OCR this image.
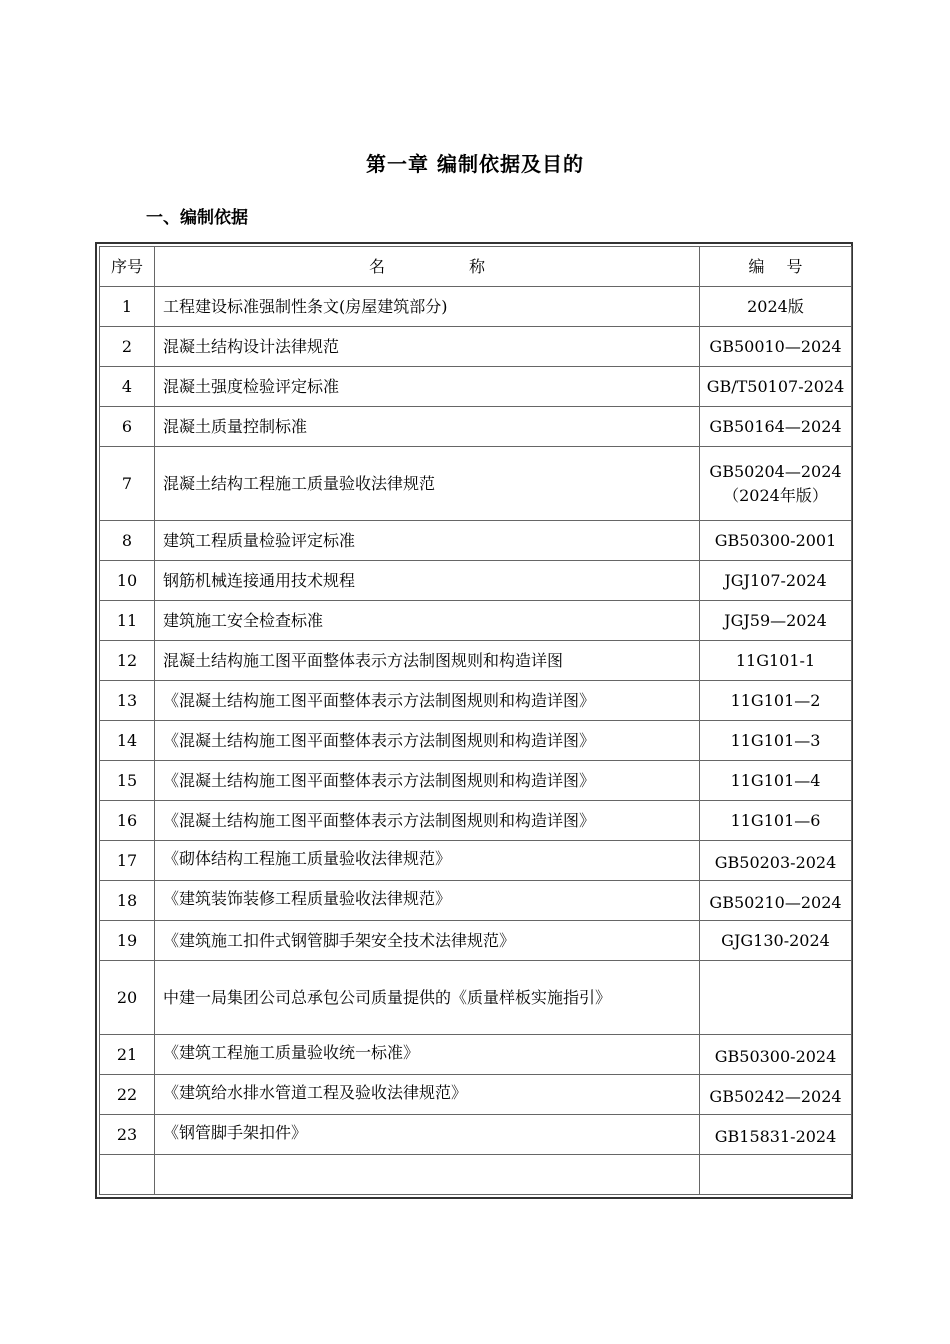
第一章 编制依据及目的
一、编制依据
序号	名 称	编 号
1	工程建设标准强制性条文(房屋建筑部分)	2024版
2	混凝土结构设计法律规范	GB50010—2024
4	混凝土强度检验评定标准	GB/T50107-2024
6	混凝土质量控制标准	GB50164—2024
7	混凝土结构工程施工质量验收法律规范	GB50204—2024（2024年版）
8	建筑工程质量检验评定标准	GB50300-2001
10	钢筋机械连接通用技术规程	JGJ107-2024
11	建筑施工安全检查标准	JGJ59—2024
12	混凝土结构施工图平面整体表示方法制图规则和构造详图	11G101-1
13	《混凝土结构施工图平面整体表示方法制图规则和构造详图》	11G101—2
14	《混凝土结构施工图平面整体表示方法制图规则和构造详图》	11G101—3
15	《混凝土结构施工图平面整体表示方法制图规则和构造详图》	11G101—4
16	《混凝土结构施工图平面整体表示方法制图规则和构造详图》	11G101—6
17	《砌体结构工程施工质量验收法律规范》	GB50203-2024
18	《建筑装饰装修工程质量验收法律规范》	GB50210—2024
19	《建筑施工扣件式钢管脚手架安全技术法律规范》	GJG130-2024
20	中建一局集团公司总承包公司质量提供的《质量样板实施指引》	
21	《建筑工程施工质量验收统一标准》	GB50300-2024
22	《建筑给水排水管道工程及验收法律规范》	GB50242—2024
23	《钢管脚手架扣件》	GB15831-2024
